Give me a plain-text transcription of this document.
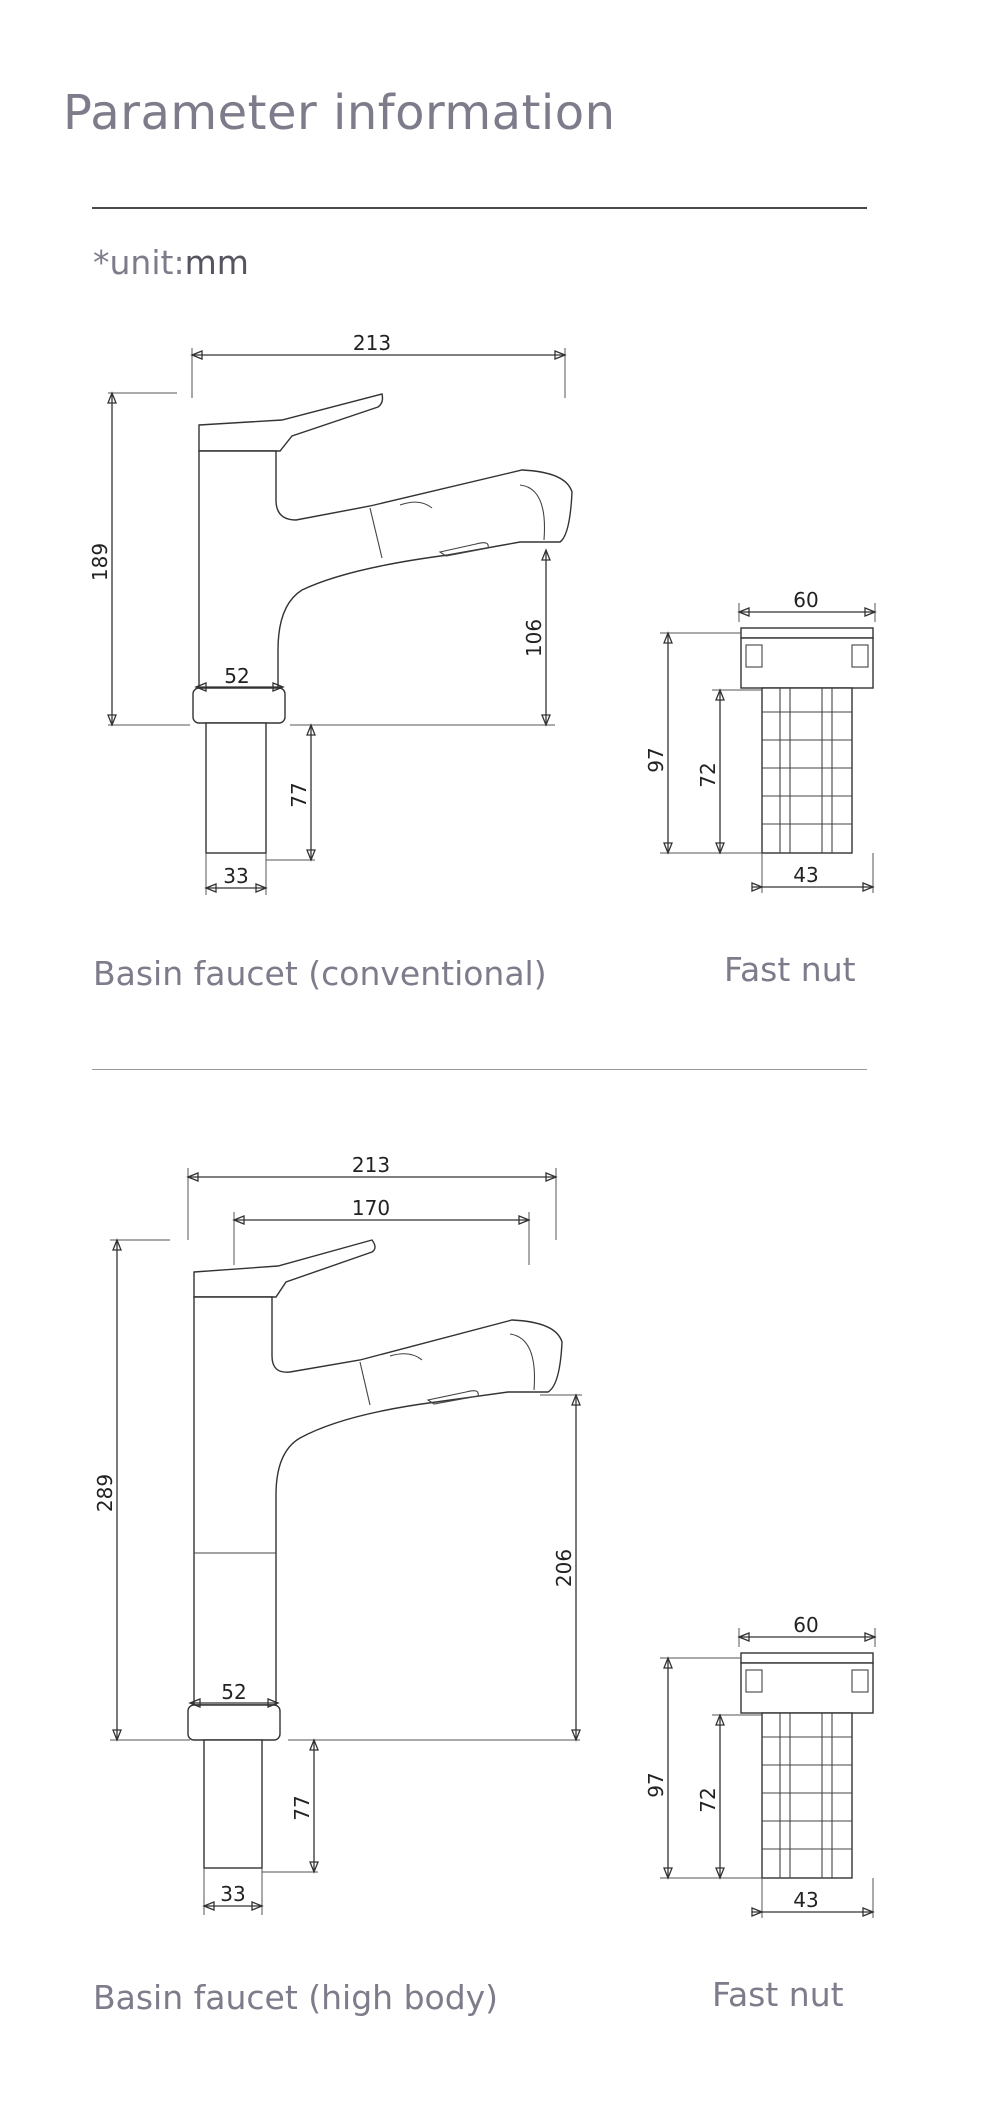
Parameter information
*unit:mm
213
189
52
106
77
33
60
97
72
43
Basin faucet (conventional)	Fast nut
213
170
289
52
206
77
33
60
97
72
43
Basin faucet (high body)	Fast nut
